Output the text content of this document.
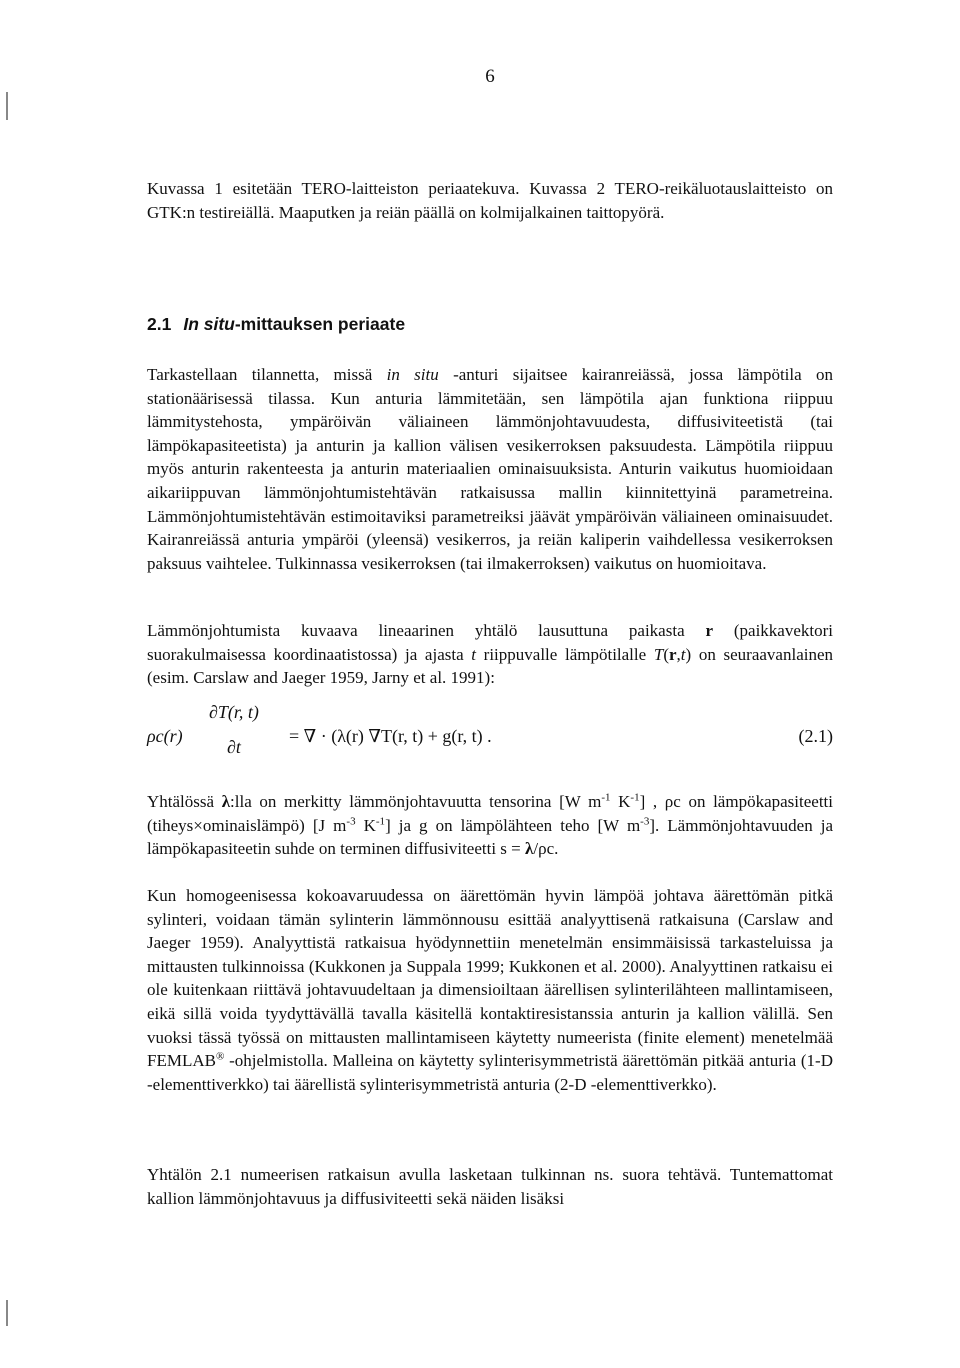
6

Kuvassa 1 esitetään TERO-laitteiston periaatekuva. Kuvassa 2 TERO-reikäluotauslaitteisto on GTK:n testireiällä. Maaputken ja reiän päällä on kolmijalkainen taittopyörä.

2.1 In situ-mittauksen periaate

Tarkastellaan tilannetta, missä in situ -anturi sijaitsee kairanreiässä, jossa lämpötila on stationäärisessä tilassa. Kun anturia lämmitetään, sen lämpötila ajan funktiona riippuu lämmitystehosta, ympäröivän väliaineen lämmönjohtavuudesta, diffusiviteetistä (tai lämpökapasiteetista) ja anturin ja kallion välisen vesikerroksen paksuudesta. Lämpötila riippuu myös anturin rakenteesta ja anturin materiaalien ominaisuuksista. Anturin vaikutus huomioidaan aikariippuvan lämmönjohtumistehtävän ratkaisussa mallin kiinnitettyinä parametreina. Lämmönjohtumistehtävän estimoitaviksi parametreiksi jäävät ympäröivän väliaineen ominaisuudet. Kairanreiässä anturia ympäröi (yleensä) vesikerros, ja reiän kaliperin vaihdellessa vesikerroksen paksuus vaihtelee. Tulkinnassa vesikerroksen (tai ilmakerroksen) vaikutus on huomioitava.

Lämmönjohtumista kuvaava lineaarinen yhtälö lausuttuna paikasta r (paikkavektori suorakulmaisessa koordinaatistossa) ja ajasta t riippuvalle lämpötilalle T(r,t) on seuraavanlainen (esim. Carslaw and Jaeger 1959, Jarny et al. 1991):

ρc(r)
∂T(r, t)
∂t
= ∇ · (λ(r) ∇T(r, t) + g(r, t) .	(2.1)

Yhtälössä λ:lla on merkitty lämmönjohtavuutta tensorina [W $m^{-1}$ $K^{-1}$] , ρc on lämpökapasiteetti (tiheys×ominaislämpö) [J $m^{-3}$ $K^{-1}$] ja g on lämpölähteen teho [W $m^{-3}$]. Lämmönjohtavuuden ja lämpökapasiteetin suhde on terminen diffusiviteetti s = λ/ρc.

Kun homogeenisessa kokoavaruudessa on äärettömän hyvin lämpöä johtava äärettömän pitkä sylinteri, voidaan tämän sylinterin lämmönnousu esittää analyyttisenä ratkaisuna (Carslaw and Jaeger 1959). Analyyttistä ratkaisua hyödynnettiin menetelmän ensimmäisissä tarkasteluissa ja mittausten tulkinnoissa (Kukkonen ja Suppala 1999; Kukkonen et al. 2000). Analyyttinen ratkaisu ei ole kuitenkaan riittävä johtavuudeltaan ja dimensioiltaan äärellisen sylinterilähteen mallintamiseen, eikä sillä voida tyydyttävällä tavalla käsitellä kontaktiresistanssia anturin ja kallion välillä. Sen vuoksi tässä työssä on mittausten mallintamiseen käytetty numeerista (finite element) menetelmää FEMLAB® -ohjelmistolla. Malleina on käytetty sylinterisymmetristä äärettömän pitkää anturia (1-D -elementtiverkko) tai äärellistä sylinterisymmetristä anturia (2-D -elementtiverkko).

Yhtälön 2.1 numeerisen ratkaisun avulla lasketaan tulkinnan ns. suora tehtävä. Tuntemattomat kallion lämmönjohtavuus ja diffusiviteetti sekä näiden lisäksi
